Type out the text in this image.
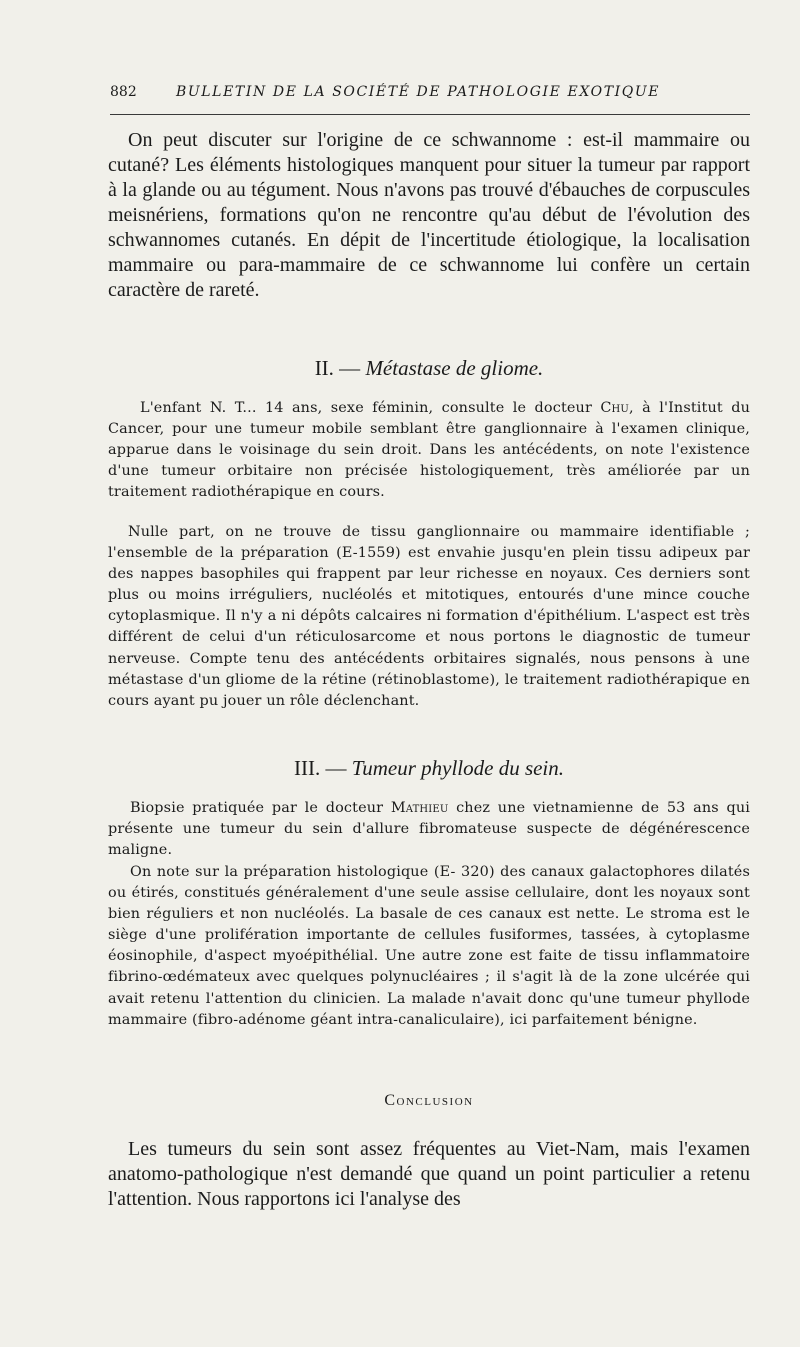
882	BULLETIN DE LA SOCIÉTÉ DE PATHOLOGIE EXOTIQUE

On peut discuter sur l'origine de ce schwannome : est-il mammaire ou cutané? Les éléments histologiques manquent pour situer la tumeur par rapport à la glande ou au tégument. Nous n'avons pas trouvé d'ébauches de corpuscules meisnériens, formations qu'on ne rencontre qu'au début de l'évolution des schwannomes cutanés. En dépit de l'incertitude étiologique, la localisation mammaire ou para-mammaire de ce schwannome lui confère un certain caractère de rareté.

II. — Métastase de gliome.

L'enfant N. T... 14 ans, sexe féminin, consulte le docteur Chu, à l'Institut du Cancer, pour une tumeur mobile semblant être ganglionnaire à l'examen clinique, apparue dans le voisinage du sein droit. Dans les antécédents, on note l'existence d'une tumeur orbitaire non précisée histologiquement, très améliorée par un traitement radiothérapique en cours.

Nulle part, on ne trouve de tissu ganglionnaire ou mammaire identifiable ; l'ensemble de la préparation (E-1559) est envahie jusqu'en plein tissu adipeux par des nappes basophiles qui frappent par leur richesse en noyaux. Ces derniers sont plus ou moins irréguliers, nucléolés et mitotiques, entourés d'une mince couche cytoplasmique. Il n'y a ni dépôts calcaires ni formation d'épithélium. L'aspect est très différent de celui d'un réticulosarcome et nous portons le diagnostic de tumeur nerveuse. Compte tenu des antécédents orbitaires signalés, nous pensons à une métastase d'un gliome de la rétine (rétinoblastome), le traitement radiothérapique en cours ayant pu jouer un rôle déclenchant.

III. — Tumeur phyllode du sein.

Biopsie pratiquée par le docteur Mathieu chez une vietnamienne de 53 ans qui présente une tumeur du sein d'allure fibromateuse suspecte de dégénérescence maligne.

On note sur la préparation histologique (E- 320) des canaux galactophores dilatés ou étirés, constitués généralement d'une seule assise cellulaire, dont les noyaux sont bien réguliers et non nucléolés. La basale de ces canaux est nette. Le stroma est le siège d'une prolifération importante de cellules fusiformes, tassées, à cytoplasme éosinophile, d'aspect myoépithélial. Une autre zone est faite de tissu inflammatoire fibrino-œdémateux avec quelques polynucléaires ; il s'agit là de la zone ulcérée qui avait retenu l'attention du clinicien. La malade n'avait donc qu'une tumeur phyllode mammaire (fibro-adénome géant intra-canaliculaire), ici parfaitement bénigne.

Conclusion

Les tumeurs du sein sont assez fréquentes au Viet-Nam, mais l'examen anatomo-pathologique n'est demandé que quand un point particulier a retenu l'attention. Nous rapportons ici l'analyse des
